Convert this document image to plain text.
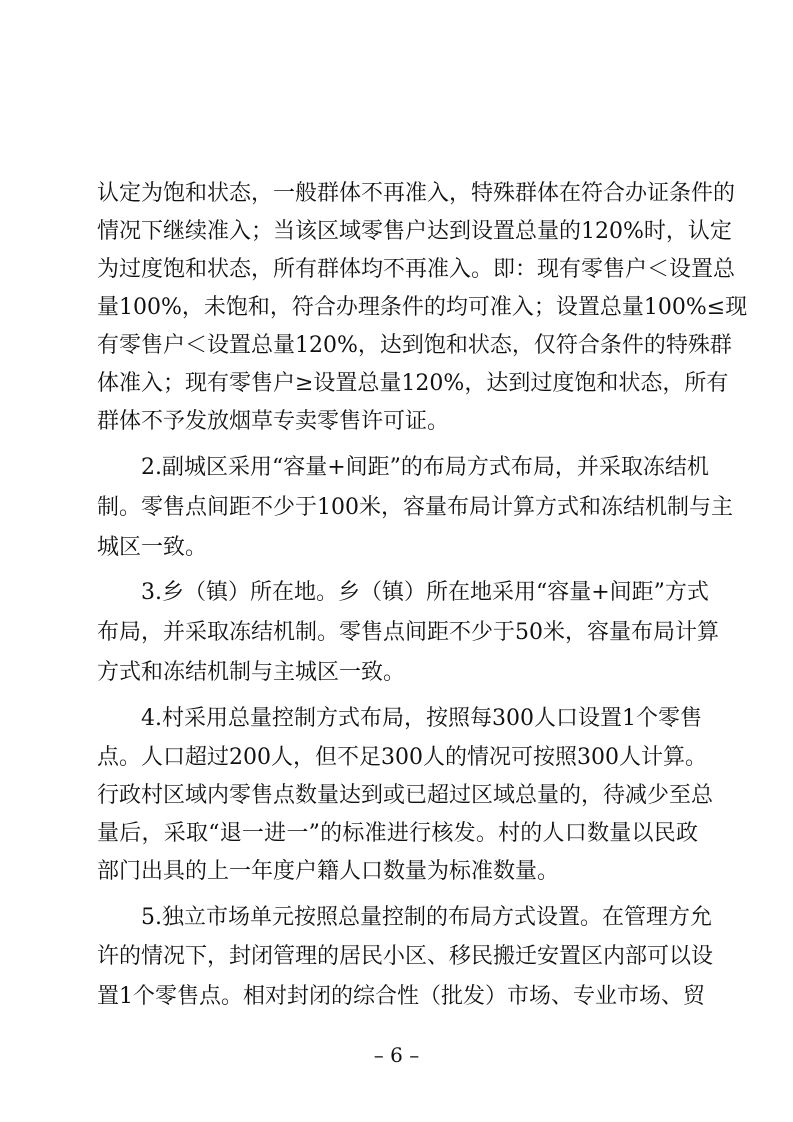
认定为饱和状态，一般群体不再准入，特殊群体在符合办证条件的
情况下继续准入；当该区域零售户达到设置总量的120%时，认定
为过度饱和状态，所有群体均不再准入。即：现有零售户＜设置总
量100%，未饱和，符合办理条件的均可准入；设置总量100%≤现
有零售户＜设置总量120%，达到饱和状态，仅符合条件的特殊群
体准入；现有零售户≥设置总量120%，达到过度饱和状态，所有
群体不予发放烟草专卖零售许可证。
2.副城区采用“容量+间距”的布局方式布局，并采取冻结机
制。零售点间距不少于100米，容量布局计算方式和冻结机制与主
城区一致。
3.乡（镇）所在地。乡（镇）所在地采用“容量+间距”方式
布局，并采取冻结机制。零售点间距不少于50米，容量布局计算
方式和冻结机制与主城区一致。
4.村采用总量控制方式布局，按照每300人口设置1个零售
点。人口超过200人，但不足300人的情况可按照300人计算。
行政村区域内零售点数量达到或已超过区域总量的，待减少至总
量后，采取“退一进一”的标准进行核发。村的人口数量以民政
部门出具的上一年度户籍人口数量为标准数量。
5.独立市场单元按照总量控制的布局方式设置。在管理方允
许的情况下，封闭管理的居民小区、移民搬迁安置区内部可以设
置1个零售点。相对封闭的综合性（批发）市场、专业市场、贸
– 6 –
